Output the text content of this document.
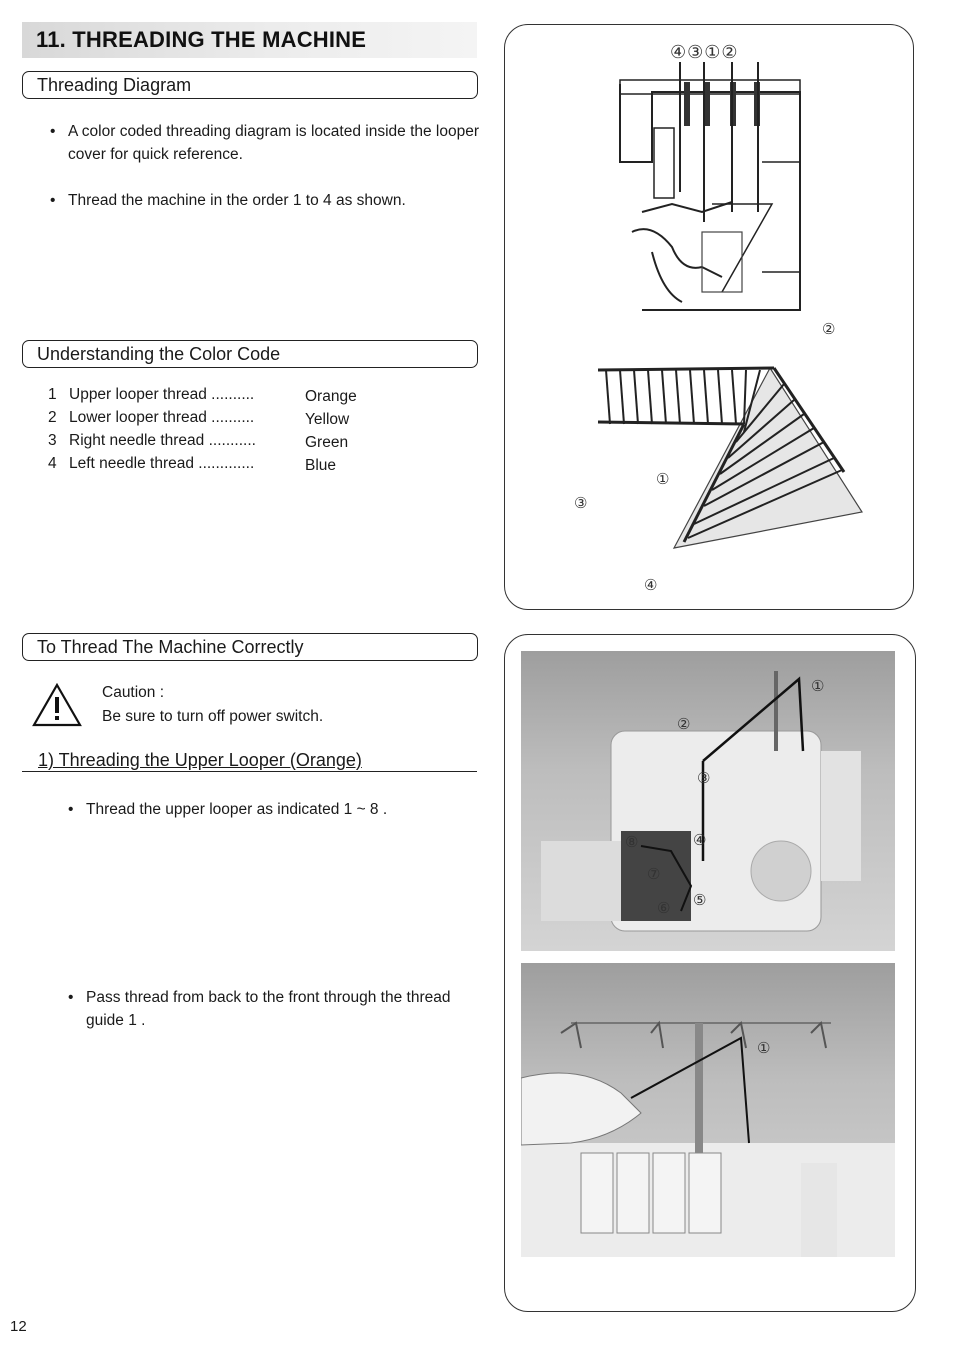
11. THREADING THE MACHINE
Threading Diagram
• A color coded threading diagram is located inside the looper cover for quick reference.
• Thread the machine in the order 1 to 4 as shown.
Understanding the Color Code
1 Upper looper thread ..........	Orange
2 Lower looper thread ..........	Yellow
3 Right needle thread ...........	Green
4 Left needle thread .............	Blue
To Thread The Machine Correctly
Caution :
Be sure to turn off power switch.
1) Threading the Upper Looper (Orange)
• Thread the upper looper as indicated 1 ~ 8 .
• Pass thread from back to the front through the thread guide 1 .
④③①②
②
①
③
④
①
②
③
④
⑤
⑥
⑦
⑧
①
12
